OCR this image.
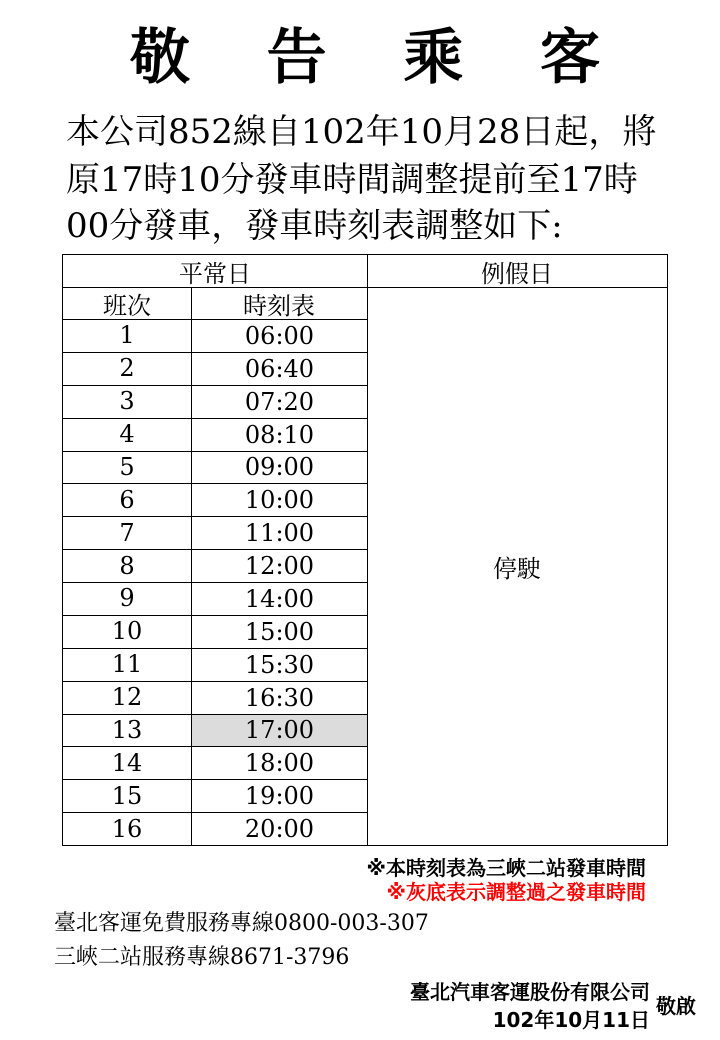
敬 告 乘 客
本公司852線自102年10月28日起，將
原17時10分發車時間調整提前至17時
00分發車，發車時刻表調整如下:
平常日	例假日
班次	時刻表
停駛
1	06:00
2	06:40
3	07:20
4	08:10
5	09:00
6	10:00
7	11:00
8	12:00
9	14:00
10	15:00
11	15:30
12	16:30
13	17:00
14	18:00
15	19:00
16	20:00
※本時刻表為三峽二站發車時間
※灰底表示調整過之發車時間
臺北客運免費服務專線0800-003-307
三峽二站服務專線8671-3796
臺北汽車客運股份有限公司
102年10月11日
敬啟
